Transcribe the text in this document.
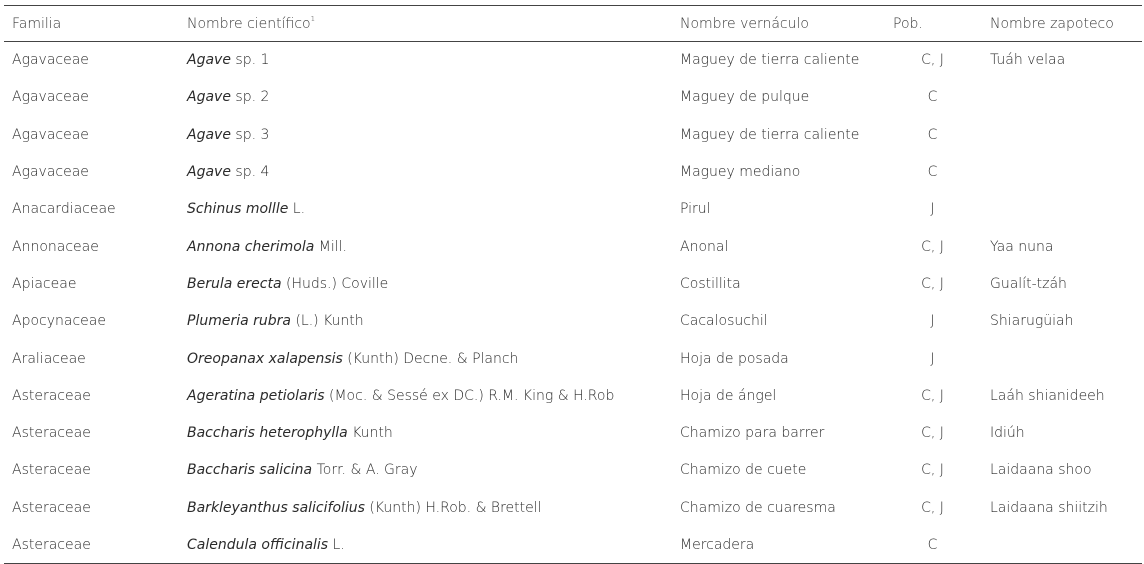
Familia	Nombre científico$^1$	Nombre vernáculo	Pob.	Nombre zapoteco
Agavaceae	Agave sp. 1	Maguey de tierra caliente	C, J	Tuáh velaa
Agavaceae	Agave sp. 2	Maguey de pulque	C	
Agavaceae	Agave sp. 3	Maguey de tierra caliente	C	
Agavaceae	Agave sp. 4	Maguey mediano	C	
Anacardiaceae	Schinus mollle L.	Pirul	J	
Annonaceae	Annona cherimola Mill.	Anonal	C, J	Yaa nuna
Apiaceae	Berula erecta (Huds.) Coville	Costillita	C, J	Gualít-tzáh
Apocynaceae	Plumeria rubra (L.) Kunth	Cacalosuchil	J	Shiarugüiah
Araliaceae	Oreopanax xalapensis (Kunth) Decne. & Planch	Hoja de posada	J	
Asteraceae	Ageratina petiolaris (Moc. & Sessé ex DC.) R.M. King & H.Rob	Hoja de ángel	C, J	Laáh shianideeh
Asteraceae	Baccharis heterophylla Kunth	Chamizo para barrer	C, J	Idiúh
Asteraceae	Baccharis salicina Torr. & A. Gray	Chamizo de cuete	C, J	Laidaana shoo
Asteraceae	Barkleyanthus salicifolius (Kunth) H.Rob. & Brettell	Chamizo de cuaresma	C, J	Laidaana shiitzih
Asteraceae	Calendula officinalis L.	Mercadera	C	
